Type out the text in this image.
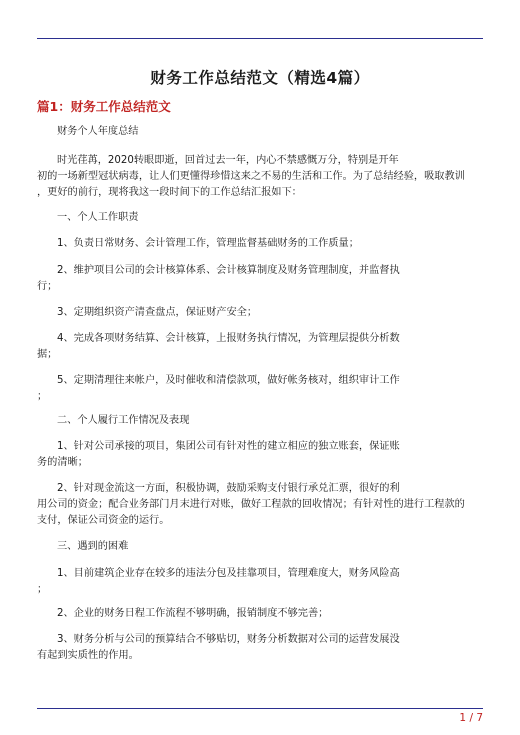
财务工作总结范文（精选4篇）
篇1：财务工作总结范文

财务个人年度总结

时光荏苒，2020转眼即逝，回首过去一年，内心不禁感慨万分，特别是开年
初的一场新型冠状病毒，让人们更懂得珍惜这来之不易的生活和工作。为了总结经验，吸取教训
，更好的前行，现将我这一段时间下的工作总结汇报如下：

一、个人工作职责

1、负责日常财务、会计管理工作，管理监督基础财务的工作质量；

2、维护项目公司的会计核算体系、会计核算制度及财务管理制度，并监督执
行；

3、定期组织资产清查盘点，保证财产安全；

4、完成各项财务结算、会计核算，上报财务执行情况，为管理层提供分析数
据；

5、定期清理往来帐户，及时催收和清偿款项，做好帐务核对，组织审计工作
；

二、个人履行工作情况及表现

1、针对公司承接的项目，集团公司有针对性的建立相应的独立账套，保证账
务的清晰；

2、针对现金流这一方面，积极协调，鼓励采购支付银行承兑汇票，很好的利
用公司的资金；配合业务部门月末进行对账，做好工程款的回收情况；有针对性的进行工程款的
支付，保证公司资金的运行。

三、遇到的困难

1、目前建筑企业存在较多的违法分包及挂靠项目，管理难度大，财务风险高
；

2、企业的财务日程工作流程不够明确，报销制度不够完善；

3、财务分析与公司的预算结合不够贴切，财务分析数据对公司的运营发展没
有起到实质性的作用。

1 / 7
